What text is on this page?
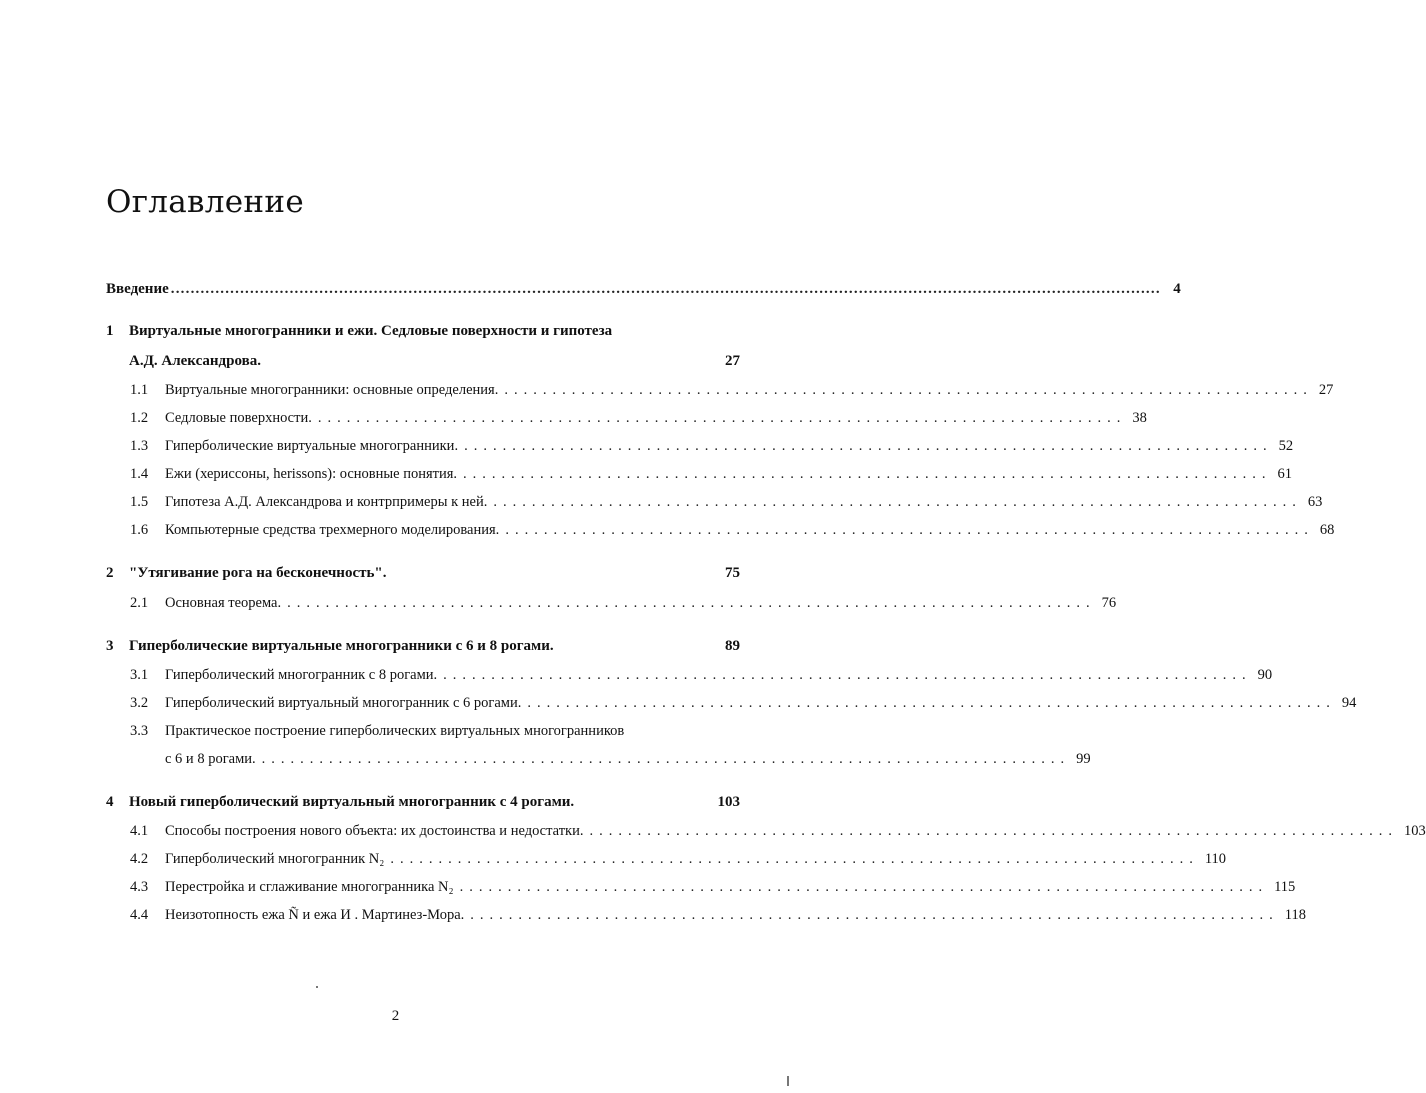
Оглавление
Введение ........................................................................................................................................................................................................ 4
1	Виртуальные многогранники и ежи. Седловые поверхности и гипотеза
А.Д. Александрова.	27
1.1	Виртуальные многогранники: основные определения. .................................................................................... 27
1.2	Седловые поверхности. .................................................................................... 38
1.3	Гиперболические виртуальные многогранники. .................................................................................... 52
1.4	Ежи (хериссоны, herissons): основные понятия. .................................................................................... 61
1.5	Гипотеза А.Д. Александрова и контрпримеры к ней. .................................................................................... 63
1.6	Компьютерные средства трехмерного моделирования. .................................................................................... 68
2	"Утягивание рога на бесконечность".	75
2.1	Основная теорема. .................................................................................... 76
3	Гиперболические виртуальные многогранники с 6 и 8 рогами.	89
3.1	Гиперболический многогранник с 8 рогами. .................................................................................... 90
3.2	Гиперболический виртуальный многогранник с 6 рогами. .................................................................................... 94
3.3	Практическое построение гиперболических виртуальных многогранников
с 6 и 8 рогами. .................................................................................... 99
4	Новый гиперболический виртуальный многогранник с 4 рогами.	103
4.1	Способы построения нового объекта: их достоинства и недостатки. .................................................................................... 103
4.2	Гиперболический многогранник N₂ .................................................................................... 110
4.3	Перестройка и сглаживание многогранника N₂ .................................................................................... 115
4.4	Неизотопность ежа Ñ и ежа И . Мартинез-Мора. .................................................................................... 118
2
